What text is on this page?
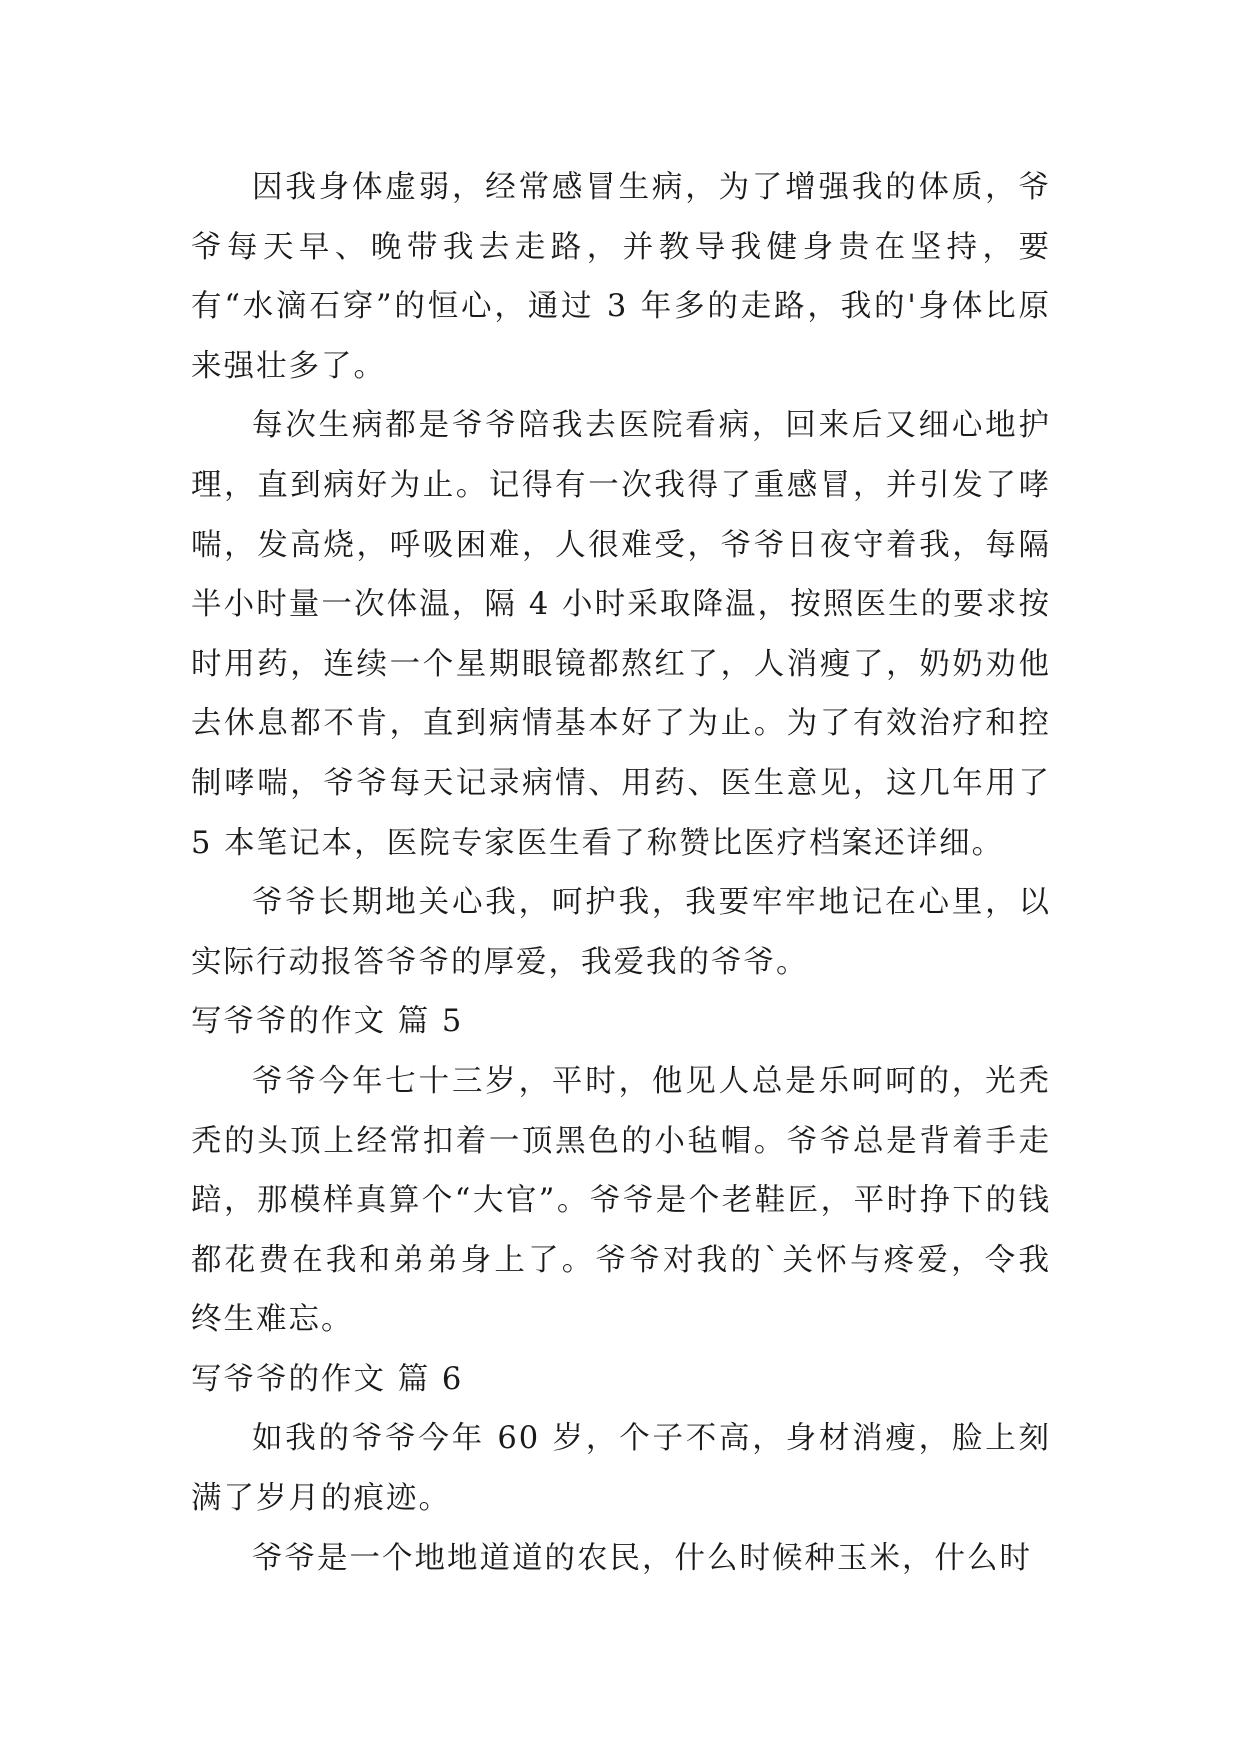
因我身体虚弱，经常感冒生病，为了增强我的体质，爷爷每天早、晚带我去走路，并教导我健身贵在坚持，要有“水滴石穿”的恒心，通过 3 年多的走路，我的'身体比原来强壮多了。

每次生病都是爷爷陪我去医院看病，回来后又细心地护理，直到病好为止。记得有一次我得了重感冒，并引发了哮喘，发高烧，呼吸困难，人很难受，爷爷日夜守着我，每隔半小时量一次体温，隔 4 小时采取降温，按照医生的要求按时用药，连续一个星期眼镜都熬红了，人消瘦了，奶奶劝他去休息都不肯，直到病情基本好了为止。为了有效治疗和控制哮喘，爷爷每天记录病情、用药、医生意见，这几年用了 5 本笔记本，医院专家医生看了称赞比医疗档案还详细。

爷爷长期地关心我，呵护我，我要牢牢地记在心里，以实际行动报答爷爷的厚爱，我爱我的爷爷。

写爷爷的作文 篇 5

爷爷今年七十三岁，平时，他见人总是乐呵呵的，光秃秃的头顶上经常扣着一顶黑色的小毡帽。爷爷总是背着手走踣，那模样真算个“大官”。爷爷是个老鞋匠，平时挣下的钱都花费在我和弟弟身上了。爷爷对我的`关怀与疼爱，令我终生难忘。

写爷爷的作文 篇 6

如我的爷爷今年 60 岁，个子不高，身材消瘦，脸上刻满了岁月的痕迹。

爷爷是一个地地道道的农民，什么时候种玉米，什么时
